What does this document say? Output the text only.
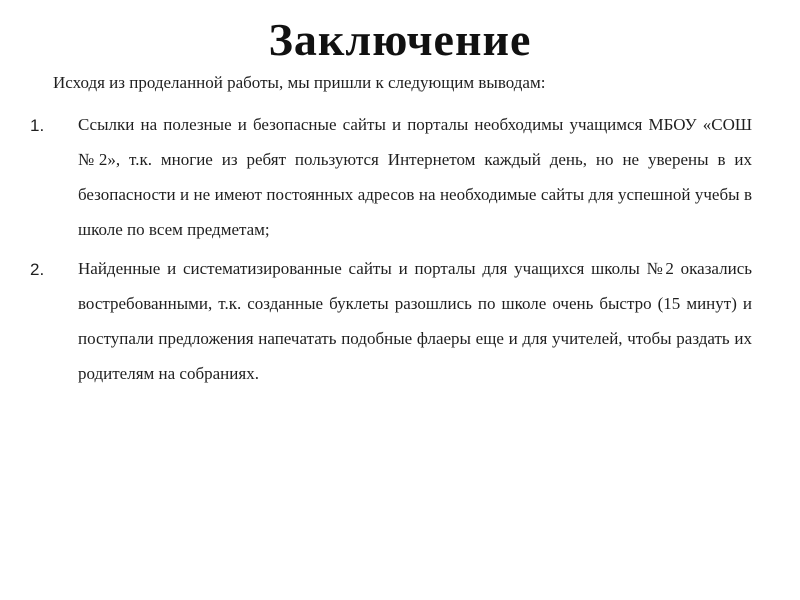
Заключение
Исходя из проделанной работы, мы пришли к следующим выводам:
1. Ссылки на полезные и безопасные сайты и порталы необходимы учащимся МБОУ «СОШ №2», т.к. многие из ребят пользуются Интернетом каждый день, но не уверены в их безопасности и не имеют постоянных адресов на необходимые сайты для успешной учебы в школе по всем предметам;
2. Найденные и систематизированные сайты и порталы для учащихся школы №2 оказались востребованными, т.к. созданные буклеты разошлись по школе очень быстро (15 минут) и поступали предложения напечатать подобные флаеры еще и для учителей, чтобы раздать их родителям на собраниях.
